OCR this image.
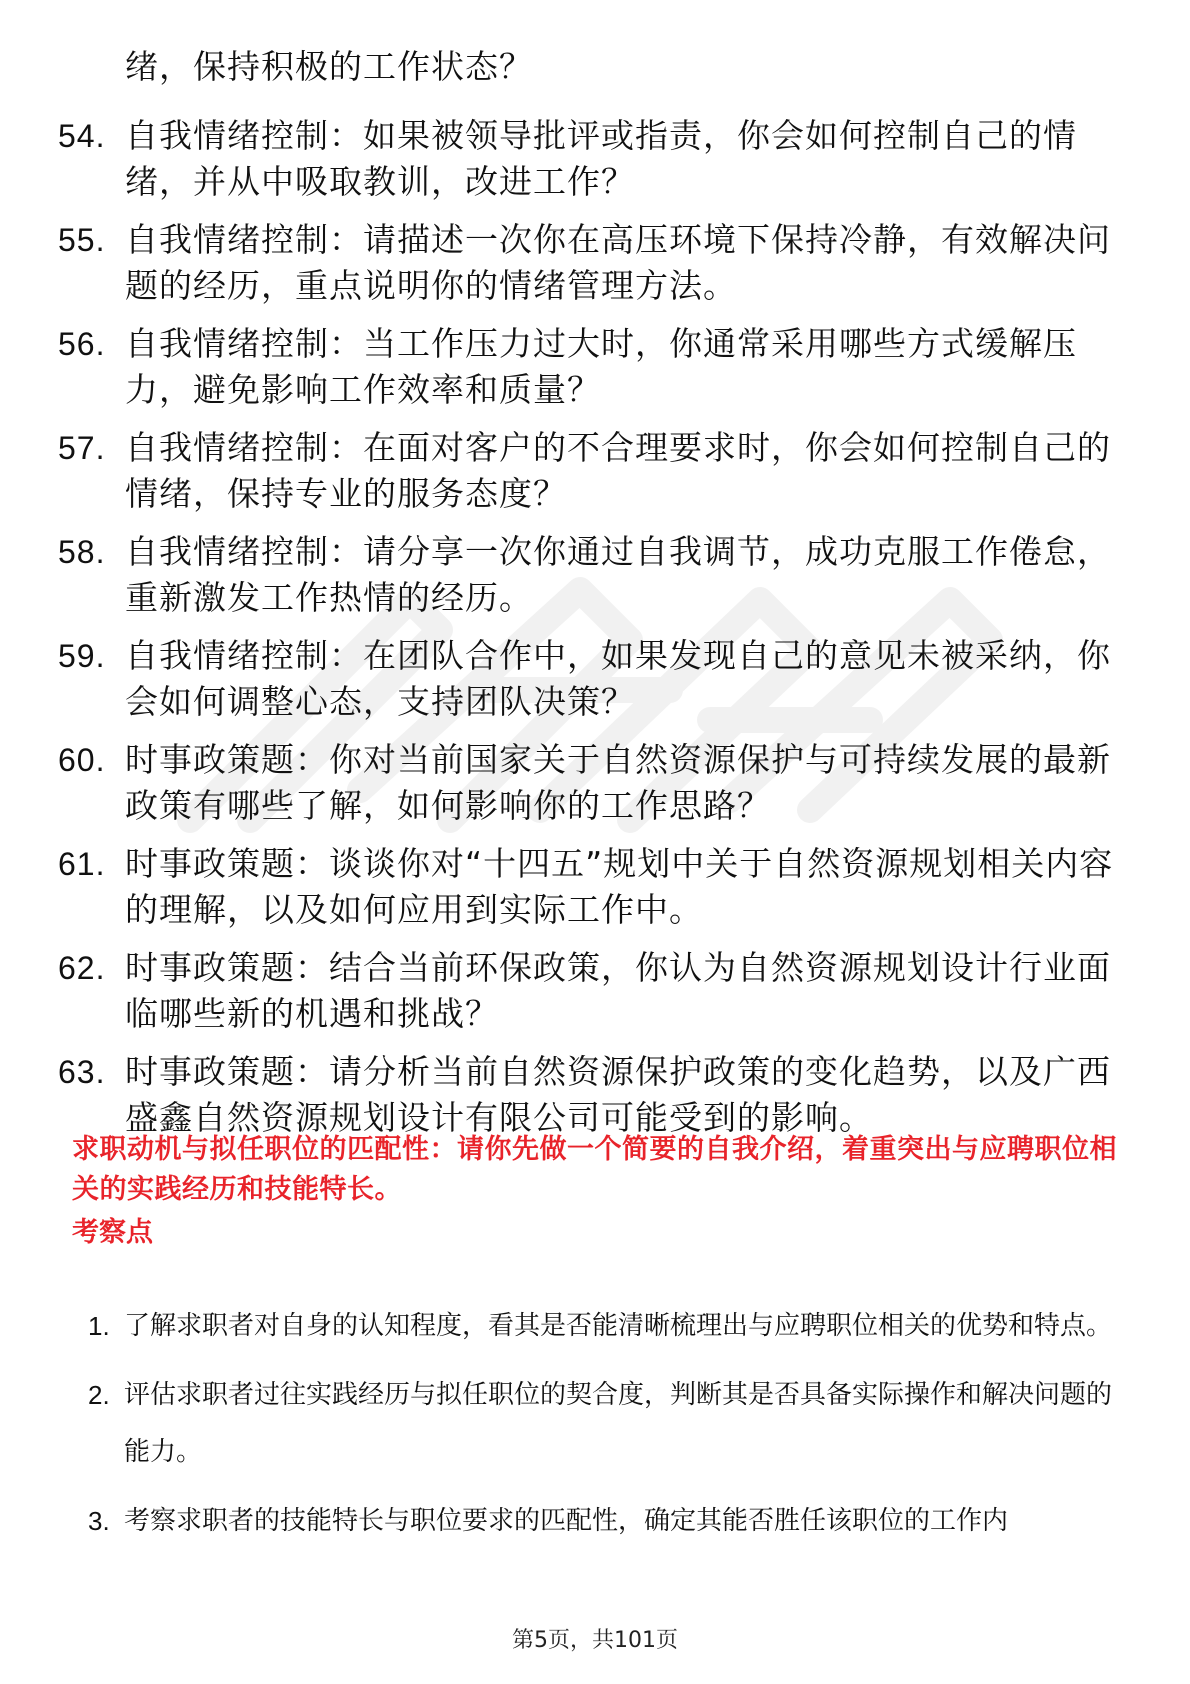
绪，保持积极的工作状态？
54. 自我情绪控制：如果被领导批评或指责，你会如何控制自己的情绪，并从中吸取教训，改进工作？
55. 自我情绪控制：请描述一次你在高压环境下保持冷静，有效解决问题的经历，重点说明你的情绪管理方法。
56. 自我情绪控制：当工作压力过大时，你通常采用哪些方式缓解压力，避免影响工作效率和质量？
57. 自我情绪控制：在面对客户的不合理要求时，你会如何控制自己的情绪，保持专业的服务态度？
58. 自我情绪控制：请分享一次你通过自我调节，成功克服工作倦怠，重新激发工作热情的经历。
59. 自我情绪控制：在团队合作中，如果发现自己的意见未被采纳，你会如何调整心态，支持团队决策？
60. 时事政策题：你对当前国家关于自然资源保护与可持续发展的最新政策有哪些了解，如何影响你的工作思路？
61. 时事政策题：谈谈你对“十四五”规划中关于自然资源规划相关内容的理解，以及如何应用到实际工作中。
62. 时事政策题：结合当前环保政策，你认为自然资源规划设计行业面临哪些新的机遇和挑战？
63. 时事政策题：请分析当前自然资源保护政策的变化趋势，以及广西盛鑫自然资源规划设计有限公司可能受到的影响。
求职动机与拟任职位的匹配性：请你先做一个简要的自我介绍，着重突出与应聘职位相关的实践经历和技能特长。
考察点
1. 了解求职者对自身的认知程度，看其是否能清晰梳理出与应聘职位相关的优势和特点。
2. 评估求职者过往实践经历与拟任职位的契合度，判断其是否具备实际操作和解决问题的能力。
3. 考察求职者的技能特长与职位要求的匹配性，确定其能否胜任该职位的工作内
第5页，共101页
